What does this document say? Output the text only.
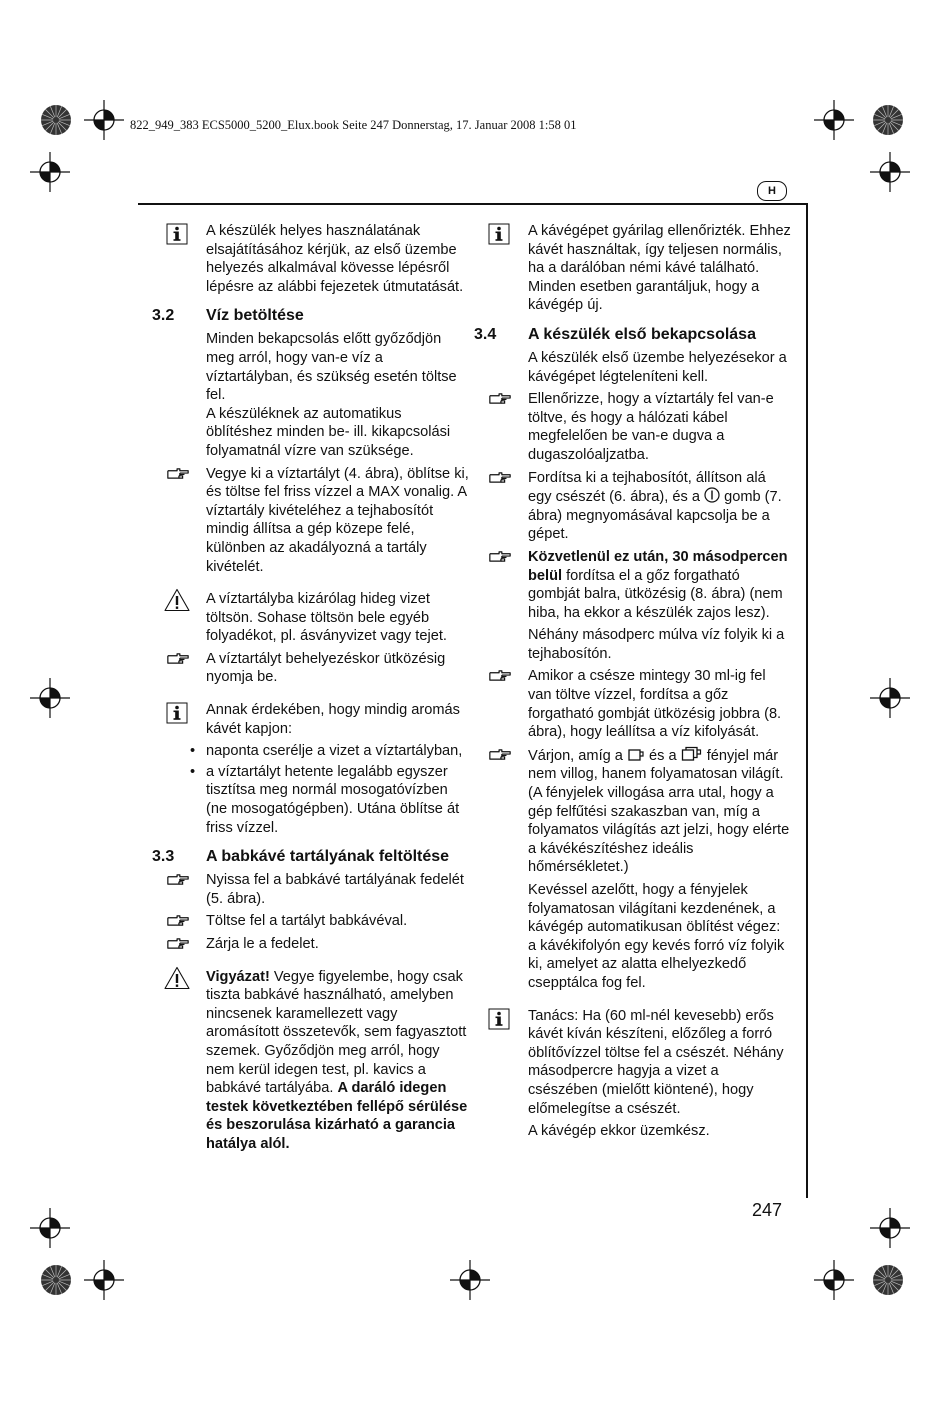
822_949_383 ECS5000_5200_Elux.book Seite 247 Donnerstag, 17. Januar 2008 1:58 01
H

A készülék helyes használatának elsajátításához kérjük, az első üzembe helyezés alkalmával kövesse lépésről lépésre az alábbi fejezetek útmutatását.

3.2 Víz betöltése

Minden bekapcsolás előtt győződjön meg arról, hogy van-e víz a víztartályban, és szükség esetén töltse fel.

A készüléknek az automatikus öblítéshez minden be- ill. kikapcsolási folyamatnál vízre van szüksége.

Vegye ki a víztartályt (4. ábra), öblítse ki, és töltse fel friss vízzel a MAX vonalig. A víztartály kivételéhez a tejhabosítót mindig állítsa a gép közepe felé, különben az akadályozná a tartály kivételét.

A víztartályba kizárólag hideg vizet töltsön. Sohase töltsön bele egyéb folyadékot, pl. ásványvizet vagy tejet.

A víztartályt behelyezéskor ütközésig nyomja be.

Annak érdekében, hogy mindig aromás kávét kapjon:

• naponta cserélje a vizet a víztartályban,
• a víztartályt hetente legalább egyszer tisztítsa meg normál mosogatóvízben (ne mosogatógépben). Utána öblítse át friss vízzel.
3.3 A babkávé tartályának feltöltése

Nyissa fel a babkávé tartályának fedelét (5. ábra).

Töltse fel a tartályt babkávéval.

Zárja le a fedelet.

Vigyázat! Vegye figyelembe, hogy csak tiszta babkávé használható, amelyben nincsenek karamellezett vagy aromásított összetevők, sem fagyasztott szemek. Győződjön meg arról, hogy nem kerül idegen test, pl. kavics a babkávé tartályába. A daráló idegen testek következtében fellépő sérülése és beszorulása kizárható a garancia hatálya alól.

A kávégépet gyárilag ellenőrizték. Ehhez kávét használtak, így teljesen normális, ha a darálóban némi kávé található. Minden esetben garantáljuk, hogy a kávégép új.

3.4 A készülék első bekapcsolása

A készülék első üzembe helyezésekor a kávégépet légteleníteni kell.

Ellenőrizze, hogy a víztartály fel van-e töltve, és hogy a hálózati kábel megfelelően be van-e dugva a dugaszolóaljzatba.

Fordítsa ki a tejhabosítót, állítson alá egy csészét (6. ábra), és a  gomb (7. ábra) megnyomásával kapcsolja be a gépet.

Közvetlenül ez után, 30 másodpercen belül fordítsa el a gőz forgatható gombját balra, ütközésig (8. ábra) (nem hiba, ha ekkor a készülék zajos lesz).

Néhány másodperc múlva víz folyik ki a tejhabosítón.

Amikor a csésze mintegy 30 ml-ig fel van töltve vízzel, fordítsa a gőz forgatható gombját ütközésig jobbra (8. ábra), hogy leállítsa a víz kifolyását.

Várjon, amíg a  és a  fényjel már nem villog, hanem folyamatosan világít. (A fényjelek villogása arra utal, hogy a gép felfűtési szakaszban van, míg a folyamatos világítás azt jelzi, hogy elérte a kávékészítéshez ideális hőmérsékletet.)

Kevéssel azelőtt, hogy a fényjelek folyamatosan világítani kezdenének, a kávégép automatikusan öblítést végez: a kávékifolyón egy kevés forró víz folyik ki, amelyet az alatta elhelyezkedő csepptálca fog fel.

Tanács: Ha (60 ml-nél kevesebb) erős kávét kíván készíteni, előzőleg a forró öblítővízzel töltse fel a csészét. Néhány másodpercre hagyja a vizet a csészében (mielőtt kiöntené), hogy előmelegítse a csészét.

A kávégép ekkor üzemkész.

247
